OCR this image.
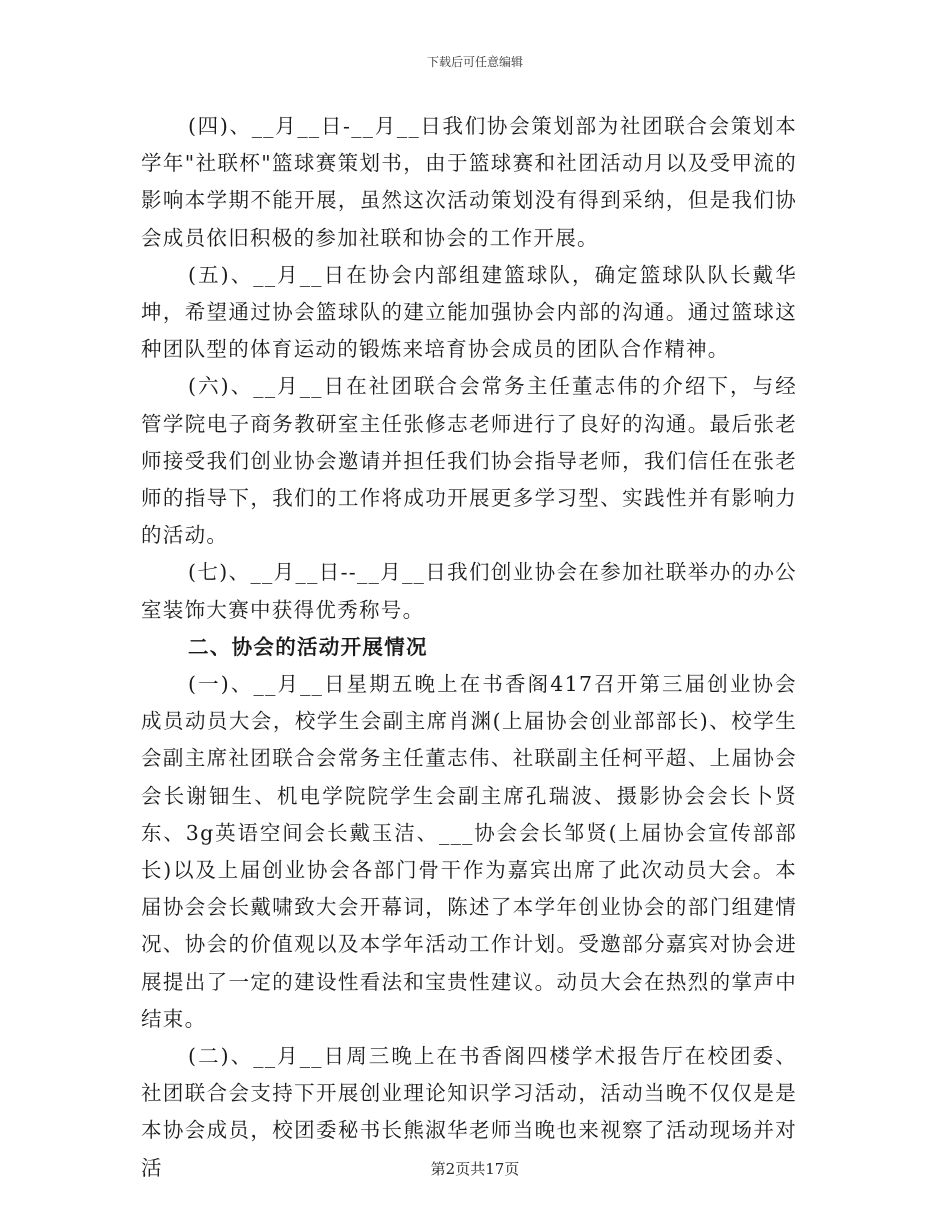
下载后可任意编辑

(四)、__月__日-__月__日我们协会策划部为社团联合会策划本学年"社联杯"篮球赛策划书，由于篮球赛和社团活动月以及受甲流的影响本学期不能开展，虽然这次活动策划没有得到采纳，但是我们协会成员依旧积极的参加社联和协会的工作开展。

(五)、__月__日在协会内部组建篮球队，确定篮球队队长戴华坤，希望通过协会篮球队的建立能加强协会内部的沟通。通过篮球这种团队型的体育运动的锻炼来培育协会成员的团队合作精神。

(六)、__月__日在社团联合会常务主任董志伟的介绍下，与经管学院电子商务教研室主任张修志老师进行了良好的沟通。最后张老师接受我们创业协会邀请并担任我们协会指导老师，我们信任在张老师的指导下，我们的工作将成功开展更多学习型、实践性并有影响力的活动。

(七)、__月__日--__月__日我们创业协会在参加社联举办的办公室装饰大赛中获得优秀称号。

二、协会的活动开展情况

(一)、__月__日星期五晚上在书香阁417召开第三届创业协会成员动员大会，校学生会副主席肖渊(上届协会创业部部长)、校学生会副主席社团联合会常务主任董志伟、社联副主任柯平超、上届协会会长谢钿生、机电学院院学生会副主席孔瑞波、摄影协会会长卜贤东、3g英语空间会长戴玉洁、___协会会长邹贤(上届协会宣传部部长)以及上届创业协会各部门骨干作为嘉宾出席了此次动员大会。本届协会会长戴啸致大会开幕词，陈述了本学年创业协会的部门组建情况、协会的价值观以及本学年活动工作计划。受邀部分嘉宾对协会进展提出了一定的建设性看法和宝贵性建议。动员大会在热烈的掌声中结束。

(二)、__月__日周三晚上在书香阁四楼学术报告厅在校团委、社团联合会支持下开展创业理论知识学习活动，活动当晚不仅仅是是本协会成员，校团委秘书长熊淑华老师当晚也来视察了活动现场并对活	第2页共17页
